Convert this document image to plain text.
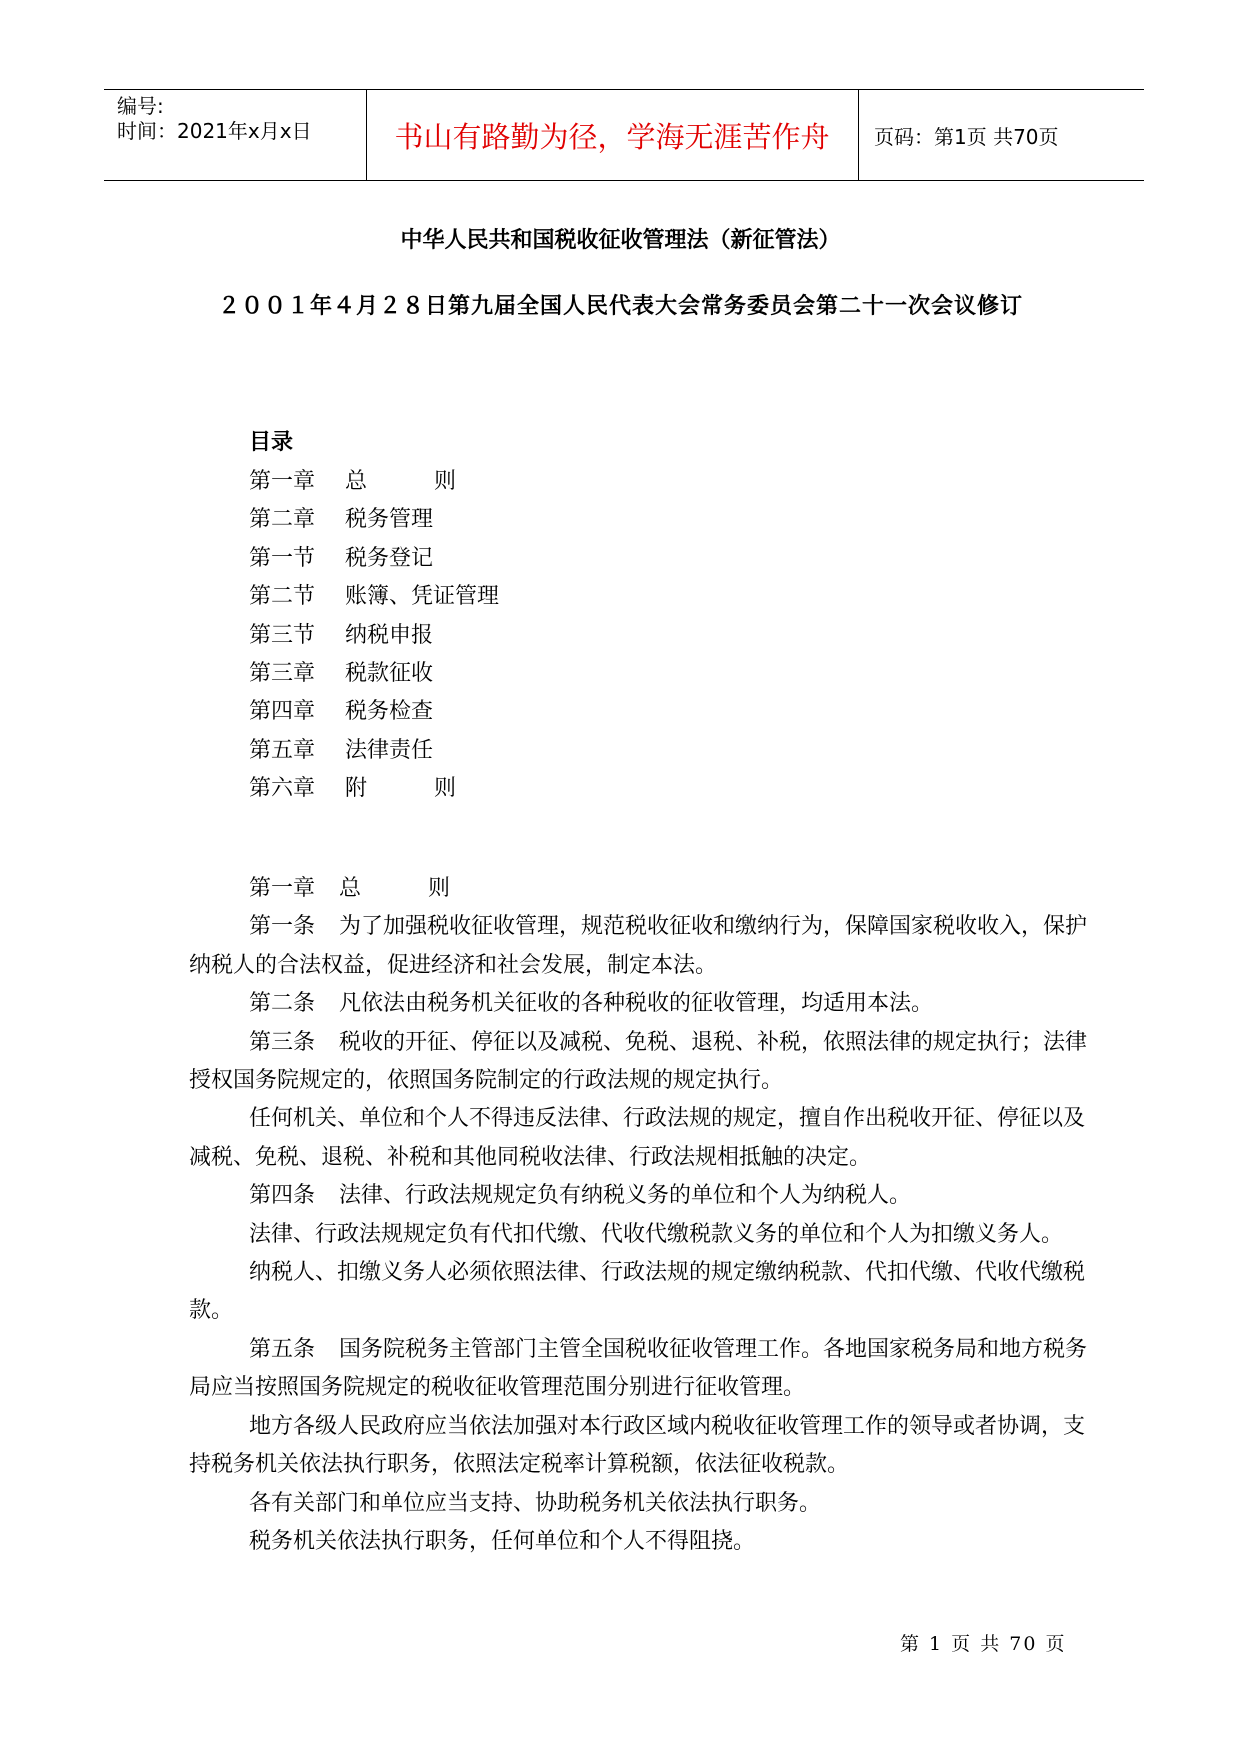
编号:
时间：2021年x月x日	书山有路勤为径，学海无涯苦作舟	页码：第1页 共70页
中华人民共和国税收征收管理法（新征管法）
２００１年４月２８日第九届全国人民代表大会常务委员会第二十一次会议修订
目录
第一章 总 则
第二章 税务管理
第一节 税务登记
第二节 账簿、凭证管理
第三节 纳税申报
第三章 税款征收
第四章 税务检查
第五章 法律责任
第六章 附 则

第一章 总 则

第一条 为了加强税收征收管理，规范税收征收和缴纳行为，保障国家税收收入，保护纳税人的合法权益，促进经济和社会发展，制定本法。

第二条 凡依法由税务机关征收的各种税收的征收管理，均适用本法。

第三条 税收的开征、停征以及减税、免税、退税、补税，依照法律的规定执行；法律授权国务院规定的，依照国务院制定的行政法规的规定执行。

任何机关、单位和个人不得违反法律、行政法规的规定，擅自作出税收开征、停征以及减税、免税、退税、补税和其他同税收法律、行政法规相抵触的决定。

第四条 法律、行政法规规定负有纳税义务的单位和个人为纳税人。

法律、行政法规规定负有代扣代缴、代收代缴税款义务的单位和个人为扣缴义务人。

纳税人、扣缴义务人必须依照法律、行政法规的规定缴纳税款、代扣代缴、代收代缴税款。

第五条 国务院税务主管部门主管全国税收征收管理工作。各地国家税务局和地方税务局应当按照国务院规定的税收征收管理范围分别进行征收管理。

地方各级人民政府应当依法加强对本行政区域内税收征收管理工作的领导或者协调，支持税务机关依法执行职务，依照法定税率计算税额，依法征收税款。

各有关部门和单位应当支持、协助税务机关依法执行职务。

税务机关依法执行职务，任何单位和个人不得阻挠。

第 1 页 共 70 页
